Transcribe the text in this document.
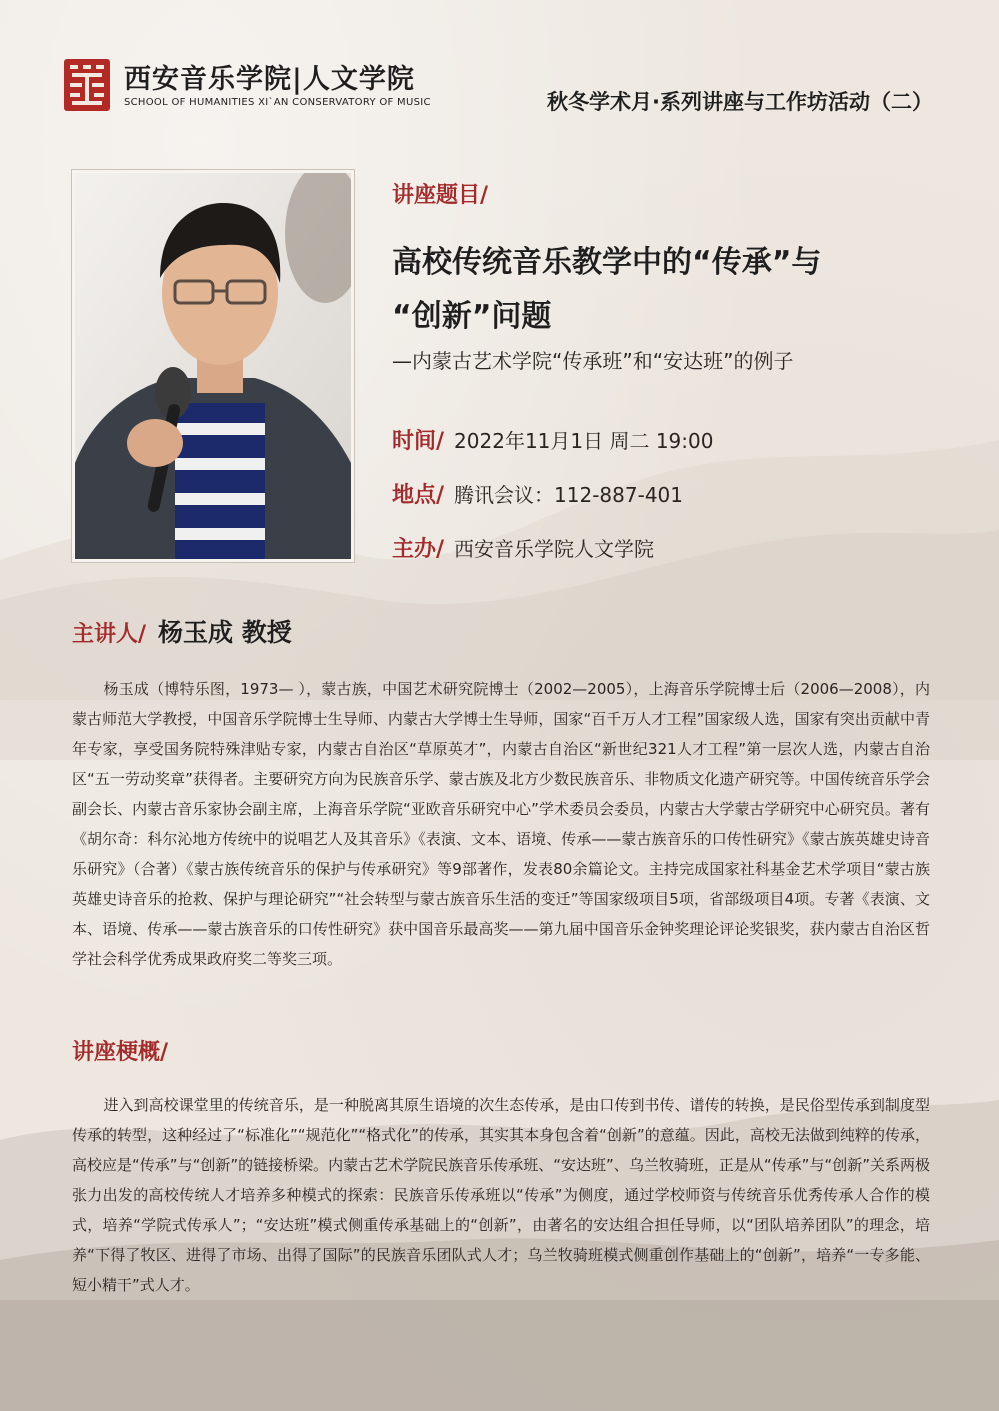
西安音乐学院|人文学院
SCHOOL OF HUMANITIES XI`AN CONSERVATORY OF MUSIC	秋冬学术月·系列讲座与工作坊活动（二）
讲座题目/
高校传统音乐教学中的“传承”与
“创新”问题
—内蒙古艺术学院“传承班”和“安达班”的例子
时间/ 2022年11月1日 周二 19:00
地点/ 腾讯会议：112-887-401
主办/ 西安音乐学院人文学院
主讲人/ 杨玉成 教授

杨玉成（博特乐图，1973— ），蒙古族，中国艺术研究院博士（2002—2005），上海音乐学院博士后（2006—2008），内蒙古师范大学教授，中国音乐学院博士生导师、内蒙古大学博士生导师，国家“百千万人才工程”国家级人选，国家有突出贡献中青年专家，享受国务院特殊津贴专家，内蒙古自治区“草原英才”，内蒙古自治区“新世纪321人才工程”第一层次人选，内蒙古自治区“五一劳动奖章”获得者。主要研究方向为民族音乐学、蒙古族及北方少数民族音乐、非物质文化遗产研究等。中国传统音乐学会副会长、内蒙古音乐家协会副主席，上海音乐学院“亚欧音乐研究中心”学术委员会委员，内蒙古大学蒙古学研究中心研究员。著有《胡尔奇：科尔沁地方传统中的说唱艺人及其音乐》《表演、文本、语境、传承——蒙古族音乐的口传性研究》《蒙古族英雄史诗音乐研究》（合著）《蒙古族传统音乐的保护与传承研究》等9部著作，发表80余篇论文。主持完成国家社科基金艺术学项目“蒙古族英雄史诗音乐的抢救、保护与理论研究”“社会转型与蒙古族音乐生活的变迁”等国家级项目5项，省部级项目4项。专著《表演、文本、语境、传承——蒙古族音乐的口传性研究》获中国音乐最高奖——第九届中国音乐金钟奖理论评论奖银奖，获内蒙古自治区哲学社会科学优秀成果政府奖二等奖三项。

讲座梗概/

进入到高校课堂里的传统音乐，是一种脱离其原生语境的次生态传承，是由口传到书传、谱传的转换，是民俗型传承到制度型传承的转型，这种经过了“标准化”“规范化”“格式化”的传承，其实其本身包含着“创新”的意蕴。因此，高校无法做到纯粹的传承，高校应是“传承”与“创新”的链接桥梁。内蒙古艺术学院民族音乐传承班、“安达班”、乌兰牧骑班，正是从“传承”与“创新”关系两极张力出发的高校传统人才培养多种模式的探索：民族音乐传承班以“传承”为侧度，通过学校师资与传统音乐优秀传承人合作的模式，培养“学院式传承人”；“安达班”模式侧重传承基础上的“创新”，由著名的安达组合担任导师，以“团队培养团队”的理念，培养“下得了牧区、进得了市场、出得了国际”的民族音乐团队式人才；乌兰牧骑班模式侧重创作基础上的“创新”，培养“一专多能、短小精干”式人才。
